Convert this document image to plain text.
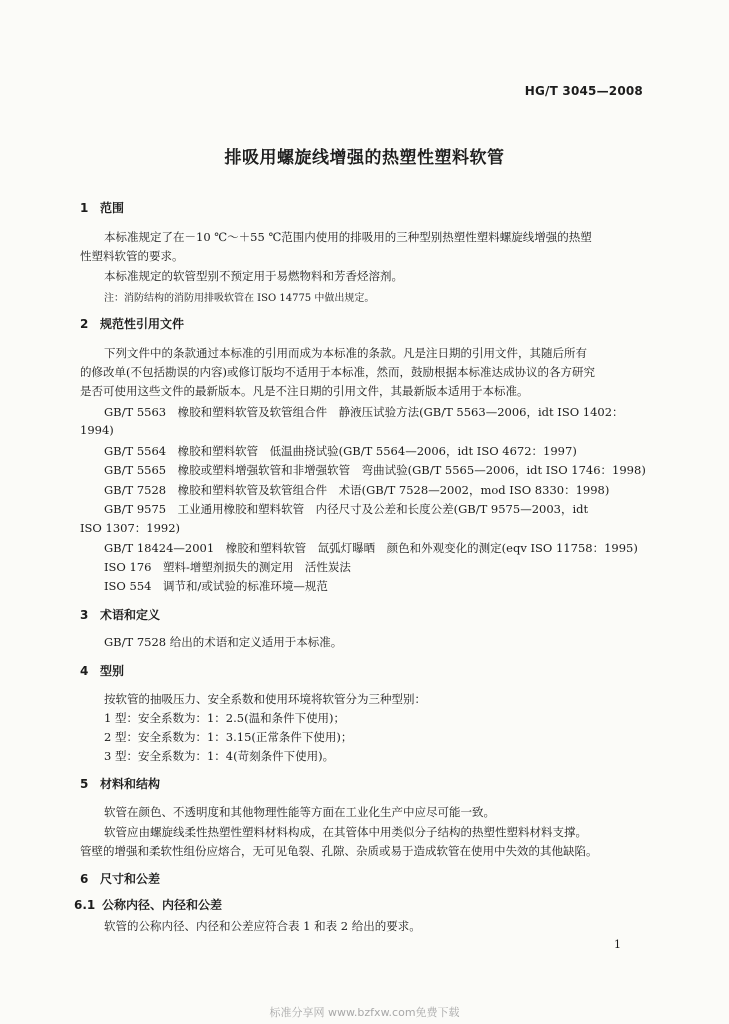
HG/T 3045—2008
排吸用螺旋线增强的热塑性塑料软管
1 范围
本标准规定了在－10 ℃～＋55 ℃范围内使用的排吸用的三种型别热塑性塑料螺旋线增强的热塑
性塑料软管的要求。
本标准规定的软管型别不预定用于易燃物料和芳香烃溶剂。
注：消防结构的消防用排吸软管在 ISO 14775 中做出规定。
2 规范性引用文件
下列文件中的条款通过本标准的引用而成为本标准的条款。凡是注日期的引用文件，其随后所有
的修改单(不包括勘误的内容)或修订版均不适用于本标准，然而，鼓励根据本标准达成协议的各方研究
是否可使用这些文件的最新版本。凡是不注日期的引用文件，其最新版本适用于本标准。
GB/T 5563　橡胶和塑料软管及软管组合件　静液压试验方法(GB/T 5563—2006，idt ISO 1402：
1994)
GB/T 5564　橡胶和塑料软管　低温曲挠试验(GB/T 5564—2006，idt ISO 4672：1997)
GB/T 5565　橡胶或塑料增强软管和非增强软管　弯曲试验(GB/T 5565—2006，idt ISO 1746：1998)
GB/T 7528　橡胶和塑料软管及软管组合件　术语(GB/T 7528—2002，mod ISO 8330：1998)
GB/T 9575　工业通用橡胶和塑料软管　内径尺寸及公差和长度公差(GB/T 9575—2003，idt
ISO 1307：1992)
GB/T 18424—2001　橡胶和塑料软管　氙弧灯曝晒　颜色和外观变化的测定(eqv ISO 11758：1995)
ISO 176　塑料-增塑剂损失的测定用　活性炭法
ISO 554　调节和/或试验的标准环境—规范
3 术语和定义
GB/T 7528 给出的术语和定义适用于本标准。
4 型别
按软管的抽吸压力、安全系数和使用环境将软管分为三种型别：
1 型：安全系数为：1：2.5(温和条件下使用)；
2 型：安全系数为：1：3.15(正常条件下使用)；
3 型：安全系数为：1：4(苛刻条件下使用)。
5 材料和结构
软管在颜色、不透明度和其他物理性能等方面在工业化生产中应尽可能一致。
软管应由螺旋线柔性热塑性塑料材料构成，在其管体中用类似分子结构的热塑性塑料材料支撑。
管壁的增强和柔软性组份应熔合，无可见龟裂、孔隙、杂质或易于造成软管在使用中失效的其他缺陷。
6 尺寸和公差
6.1 公称内径、内径和公差
软管的公称内径、内径和公差应符合表 1 和表 2 给出的要求。
1
标准分享网 www.bzfxw.com免费下载
